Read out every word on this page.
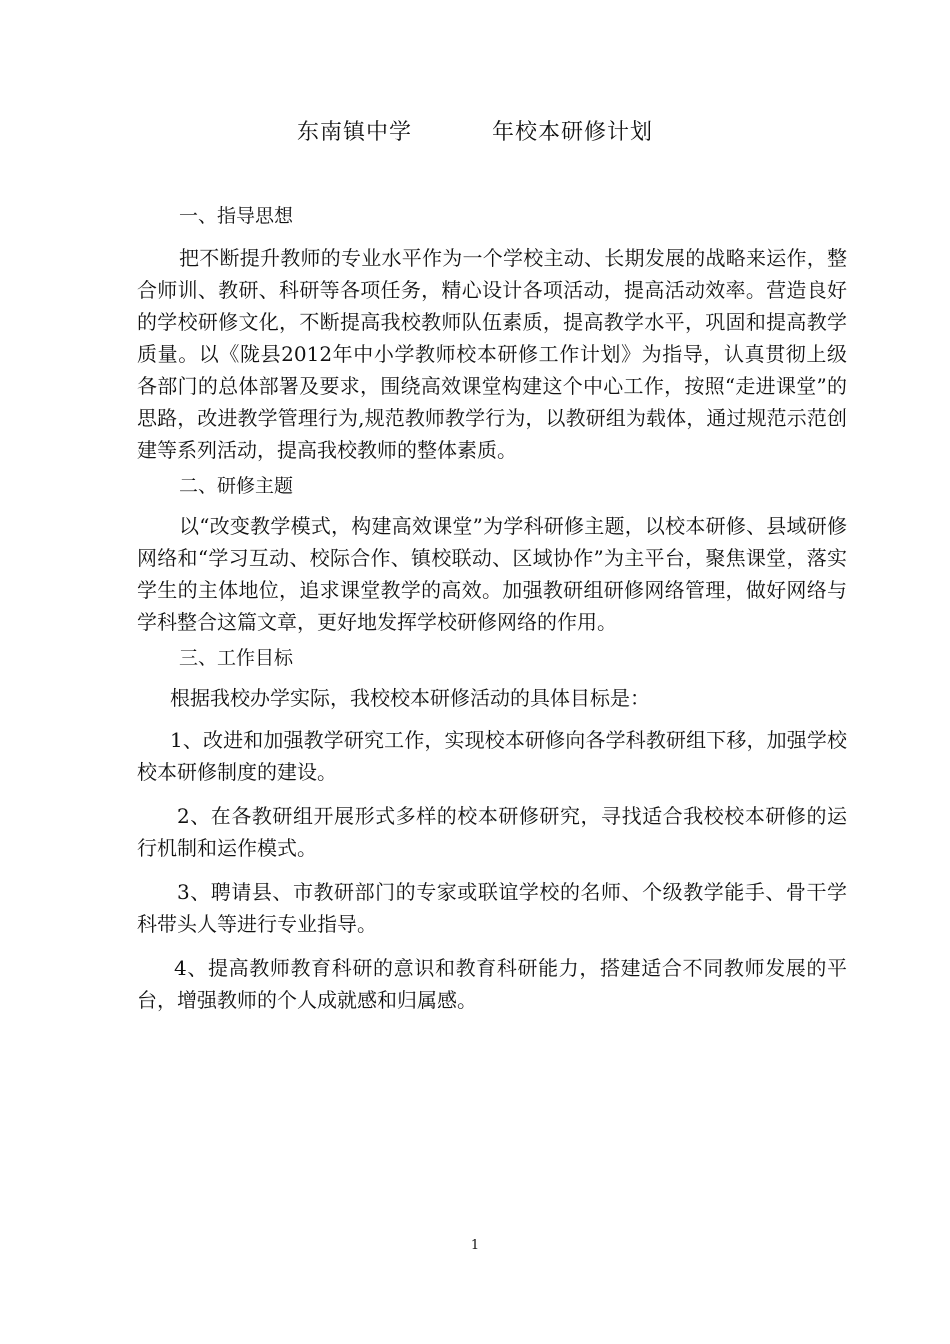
东南镇中学          年校本研修计划
一、指导思想

把不断提升教师的专业水平作为一个学校主动、长期发展的战略来运作，整合师训、教研、科研等各项任务，精心设计各项活动，提高活动效率。营造良好的学校研修文化，不断提高我校教师队伍素质，提高教学水平，巩固和提高教学质量。以《陇县2012年中小学教师校本研修工作计划》为指导，认真贯彻上级各部门的总体部署及要求，围绕高效课堂构建这个中心工作，按照“走进课堂”的思路，改进教学管理行为,规范教师教学行为，以教研组为载体，通过规范示范创建等系列活动，提高我校教师的整体素质。

二、研修主题

以“改变教学模式，构建高效课堂”为学科研修主题，以校本研修、县域研修网络和“学习互动、校际合作、镇校联动、区域协作”为主平台，聚焦课堂，落实学生的主体地位，追求课堂教学的高效。加强教研组研修网络管理，做好网络与学科整合这篇文章，更好地发挥学校研修网络的作用。

三、工作目标

根据我校办学实际，我校校本研修活动的具体目标是：

1、改进和加强教学研究工作，实现校本研修向各学科教研组下移，加强学校校本研修制度的建设。

2、在各教研组开展形式多样的校本研修研究，寻找适合我校校本研修的运行机制和运作模式。

3、聘请县、市教研部门的专家或联谊学校的名师、个级教学能手、骨干学科带头人等进行专业指导。

4、提高教师教育科研的意识和教育科研能力，搭建适合不同教师发展的平台，增强教师的个人成就感和归属感。

1
